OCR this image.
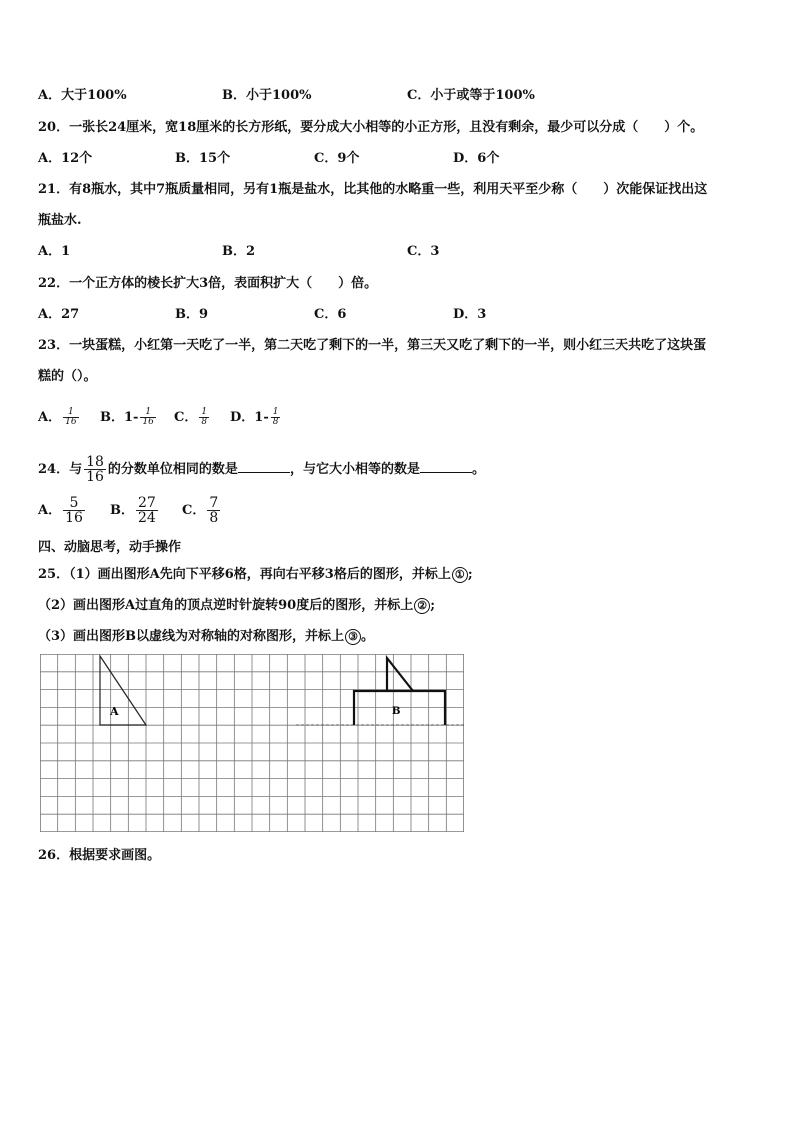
A．大于100%	B．小于100%	C．小于或等于100%
20．一张长24厘米，宽18厘米的长方形纸，要分成大小相等的小正方形，且没有剩余，最少可以分成（　　）个。
A．12个	B．15个	C．9个	D．6个
21．有8瓶水，其中7瓶质量相同，另有1瓶是盐水，比其他的水略重一些，利用天平至少称（　　）次能保证找出这
瓶盐水.
A．1	B．2	C．3
22．一个正方体的棱长扩大3倍，表面积扩大（　　）倍。
A．27	B．9	C．6	D．3
23．一块蛋糕，小红第一天吃了一半，第二天吃了剩下的一半，第三天又吃了剩下的一半，则小红三天共吃了这块蛋
糕的（）。
A． $\frac{1}{16}$ B．$1- \frac{1}{16}$ C． $\frac{1}{8}$ D．$1- \frac{1}{8}$
24．与 $\frac{18}{16}$ 的分数单位相同的数是	，与它大小相等的数是	。
A． $\frac{5}{16}$ B． $\frac{27}{24}$ C． $\frac{7}{8}$
四、动脑思考，动手操作
25．（1）画出图形A先向下平移6格，再向右平移3格后的图形，并标上 ① ;
（2）画出图形A过直角的顶点逆时针旋转90度后的图形，并标上 ② ;
（3）画出图形B以虚线为对称轴的对称图形，并标上 ③ 。
A	B
26．根据要求画图。
